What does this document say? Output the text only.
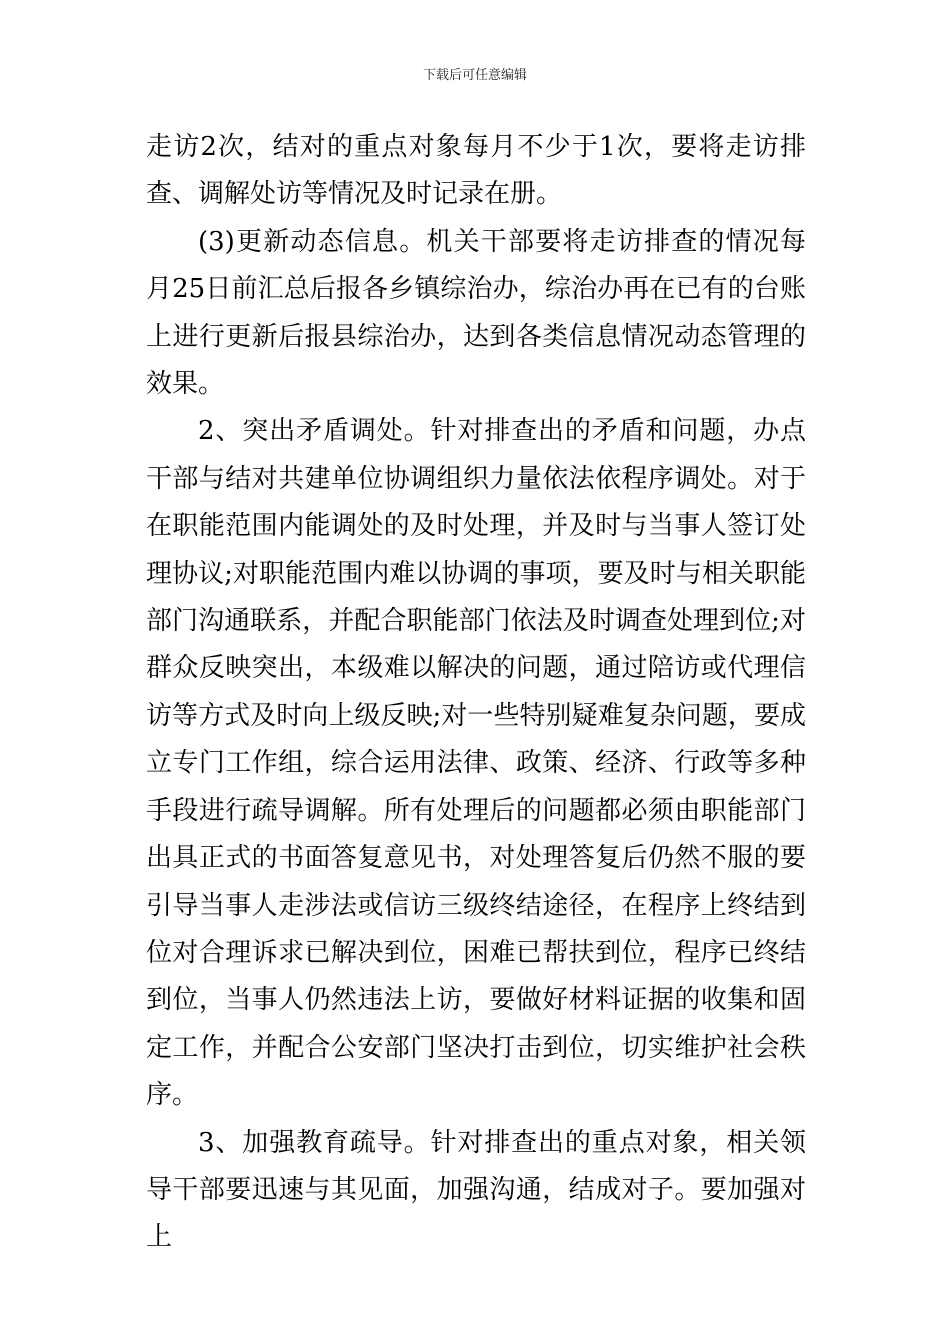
下载后可任意编辑

走访2次，结对的重点对象每月不少于1次，要将走访排查、调解处访等情况及时记录在册。

(3)更新动态信息。机关干部要将走访排查的情况每月25日前汇总后报各乡镇综治办，综治办再在已有的台账上进行更新后报县综治办，达到各类信息情况动态管理的效果。

2、突出矛盾调处。针对排查出的矛盾和问题，办点干部与结对共建单位协调组织力量依法依程序调处。对于在职能范围内能调处的及时处理，并及时与当事人签订处理协议;对职能范围内难以协调的事项，要及时与相关职能部门沟通联系，并配合职能部门依法及时调查处理到位;对群众反映突出，本级难以解决的问题，通过陪访或代理信访等方式及时向上级反映;对一些特别疑难复杂问题，要成立专门工作组，综合运用法律、政策、经济、行政等多种手段进行疏导调解。所有处理后的问题都必须由职能部门出具正式的书面答复意见书，对处理答复后仍然不服的要引导当事人走涉法或信访三级终结途径，在程序上终结到位对合理诉求已解决到位，困难已帮扶到位，程序已终结到位，当事人仍然违法上访，要做好材料证据的收集和固定工作，并配合公安部门坚决打击到位，切实维护社会秩序。

3、加强教育疏导。针对排查出的重点对象，相关领导干部要迅速与其见面，加强沟通，结成对子。要加强对上
